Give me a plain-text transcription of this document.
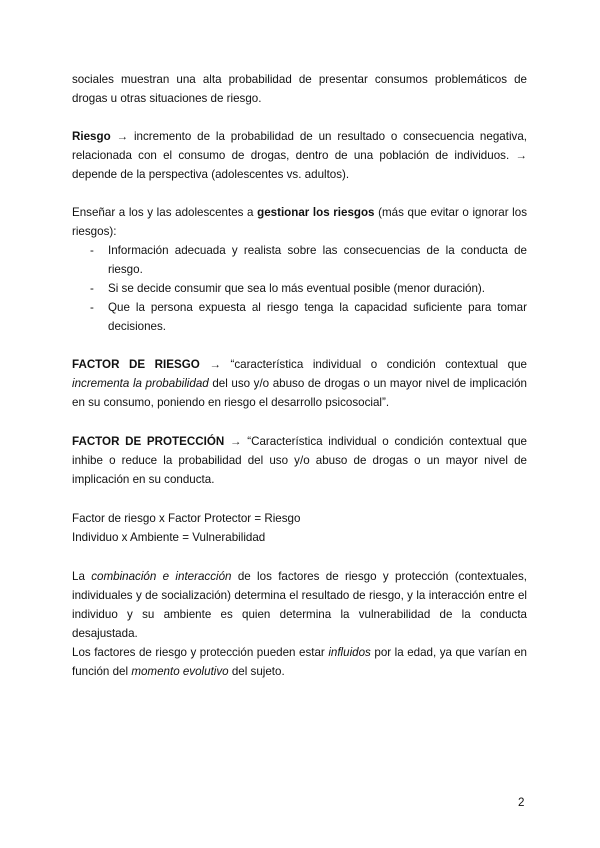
sociales muestran una alta probabilidad de presentar consumos problemáticos de drogas u otras situaciones de riesgo.

Riesgo → incremento de la probabilidad de un resultado o consecuencia negativa, relacionada con el consumo de drogas, dentro de una población de individuos. → depende de la perspectiva (adolescentes vs. adultos).

Enseñar a los y las adolescentes a gestionar los riesgos (más que evitar o ignorar los riesgos):

- Información adecuada y realista sobre las consecuencias de la conducta de riesgo.
- Si se decide consumir que sea lo más eventual posible (menor duración).
- Que la persona expuesta al riesgo tenga la capacidad suficiente para tomar decisiones.

FACTOR DE RIESGO → “característica individual o condición contextual que incrementa la probabilidad del uso y/o abuso de drogas o un mayor nivel de implicación en su consumo, poniendo en riesgo el desarrollo psicosocial”.

FACTOR DE PROTECCIÓN → “Característica individual o condición contextual que inhibe o reduce la probabilidad del uso y/o abuso de drogas o un mayor nivel de implicación en su conducta.

Factor de riesgo x Factor Protector = Riesgo

Individuo x Ambiente = Vulnerabilidad

La combinación e interacción de los factores de riesgo y protección (contextuales, individuales y de socialización) determina el resultado de riesgo, y la interacción entre el individuo y su ambiente es quien determina la vulnerabilidad de la conducta desajustada.

Los factores de riesgo y protección pueden estar influidos por la edad, ya que varían en función del momento evolutivo del sujeto.

2
